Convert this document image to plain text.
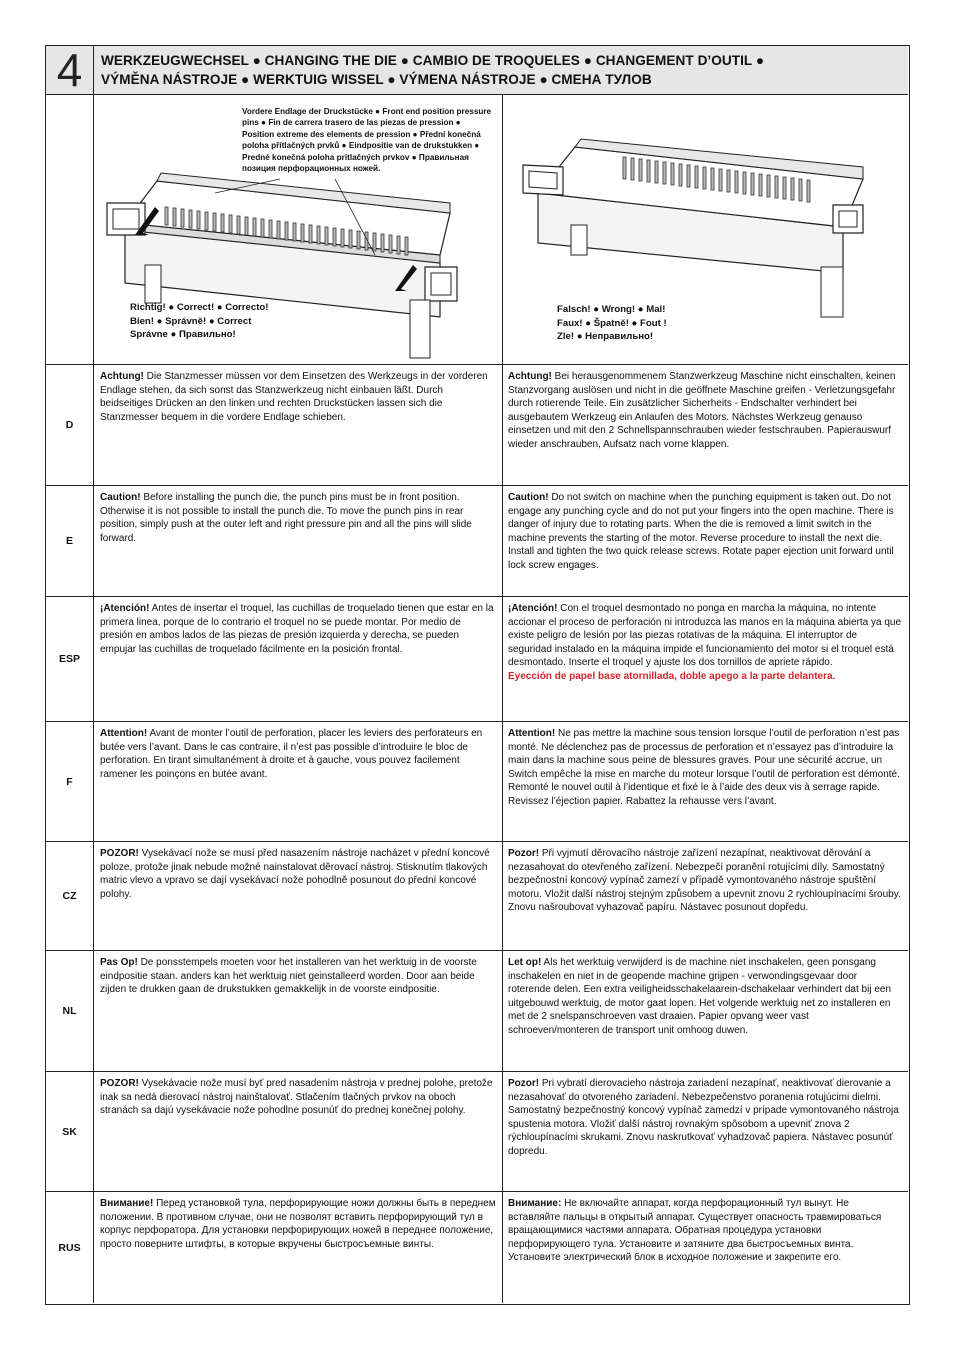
4	WERKZEUGWECHSEL ● CHANGING THE DIE ● CAMBIO DE TROQUELES ● CHANGEMENT D’OUTIL ●
VÝMĚNA NÁSTROJE ● WERKTUIG WISSEL ● VÝMENA NÁSTROJE ● СМЕНА ТУЛОВ
Vordere Endlage der Druckstücke ● Front end position pressure pins ● Fin de carrera trasero de las piezas de pression ● Position extreme des elements de pression ● Přední konečná poloha přítlačných prvků ● Eindpositie van de drukstukken ● Predné konečná poloha pritlačných prvkov ● Правильная позиция перфорационных ножей.
Richtig! ● Correct! ● Correcto!
Bien! ● Správně! ● Correct
Správne ● Правильно!
Falsch! ● Wrong! ● Mal!
Faux! ● Špatně! ● Fout !
Zle! ● Неправильно!
D

Achtung! Die Stanzmesser müssen vor dem Einsetzen des Werkzeugs in der vorderen Endlage stehen, da sich sonst das Stanzwerkzeug nicht einbauen läßt. Durch beidseitiges Drücken an den linken und rechten Druckstücken lassen sich die Stanzmesser bequem in die vordere Endlage schieben.

Achtung! Bei herausgenommenem Stanzwerkzeug Maschine nicht einschalten, keinen Stanzvorgang auslösen und nicht in die geöffnete Maschine greifen - Verletzungsgefahr durch rotierende Teile. Ein zusätzlicher Sicherheits - Endschalter verhindert bei ausgebautem Werkzeug ein Anlaufen des Motors. Nächstes Werkzeug genauso einsetzen und mit den 2 Schnellspannschrauben wieder festschrauben. Papierauswurf wieder anschrauben, Aufsatz nach vorne klappen.

E

Caution! Before installing the punch die, the punch pins must be in front position. Otherwise it is not possible to install the punch die. To move the punch pins in rear position, simply push at the outer left and right pressure pin and all the pins will slide forward.

Caution! Do not switch on machine when the punching equipment is taken out. Do not engage any punching cycle and do not put your fingers into the open machine. There is danger of injury due to rotating parts. When the die is removed a limit switch in the machine prevents the starting of the motor. Reverse procedure to install the next die. Install and tighten the two quick release screws. Rotate paper ejection unit forward until lock screw engages.

ESP

¡Atención! Antes de insertar el troquel, las cuchillas de troquelado tienen que estar en la primera linea, porque de lo contrario el troquel no se puede montar. Por medio de presión en ambos lados de las piezas de presión izquierda y derecha, se pueden empujar las cuchillas de troquelado fácilmente en la posición frontal.

¡Atención! Con el troquel desmontado no ponga en marcha la máquina, no intente accionar el proceso de perforación ni introduzca las manos en la máquina abierta ya que existe peligro de lesión por las piezas rotativas de la máquina. El interruptor de seguridad instalado en la máquina impide el funcionamiento del motor si el troquel está desmontado. Inserte el troquel y ajuste los dos tornillos de apriete rápido.

Eyección de papel base atornillada, doble apego a la parte delantera.

F

Attention! Avant de monter l’outil de perforation, placer les leviers des perforateurs en butée vers l’avant. Dans le cas contraire, il n’est pas possible d’introduire le bloc de perforation. En tirant simultanément à droite et à gauche, vous pouvez facilement ramener les poinçons en butée avant.

Attention! Ne pas mettre la machine sous tension lorsque l’outil de perforation n’est pas monté. Ne déclenchez pas de processus de perforation et n’essayez pas d’introduire la main dans la machine sous peine de blessures graves. Pour une sécurité accrue, un Switch empêche la mise en marche du moteur lorsque l’outil de perforation est démonté. Remonté le nouvel outil à l’identique et fixé le à l’aide des deux vis à serrage rapide. Revissez l’éjection papier. Rabattez la rehausse vers l’avant.

CZ

POZOR! Vysekávací nože se musí před nasazením nástroje nacházet v přední koncové poloze, protože jinak nebude možné nainstalovat děrovací nástroj. Stisknutím tlakových matric vlevo a vpravo se dají vysekávací nože pohodlně posunout do přední koncové polohy.

Pozor! Při vyjmutí děrovacího nástroje zařízení nezapínat, neaktivovat děrování a nezasahovat do otevřeného zařízení. Nebezpečí poranění rotujícími díly. Samostatný bezpečnostní koncový vypínač zamezí v případě vymontovaného nástroje spuštění motoru. Vložit další nástroj stejným způsobem a upevnit znovu 2 rychloupínacími šrouby. Znovu našroubovat vyhazovač papíru. Nástavec posunout dopředu.

NL

Pas Op! De ponsstempels moeten voor het installeren van het werktuig in de voorste eindpositie staan. anders kan het werktuig niet geinstalleerd worden. Door aan beide zijden te drukken gaan de drukstukken gemakkelijk in de voorste eindpositie.

Let op! Als het werktuig verwijderd is de machine niet inschakelen, geen ponsgang inschakelen en niet in de geopende machine grijpen - verwondingsgevaar door roterende delen. Een extra veiligheidsschakelaarein-dschakelaar verhindert dat bij een uitgebouwd werktuig, de motor gaat lopen. Het volgende werktuig net zo installeren en met de 2 snelspanschroeven vast draaien. Papier opvang weer vast schroeven/monteren de transport unit omhoog duwen.

SK

POZOR! Vysekávacie nože musí byť pred nasadením nástroja v prednej polohe, pretože inak sa nedá dierovací nástroj nainštalovať. Stlačením tlačných prvkov na oboch stranách sa dajú vysekávacie nože pohodlne posunúť do prednej konečnej polohy.

Pozor! Pri vybratí dierovacieho nástroja zariadení nezapínať, neaktivovať dierovanie a nezasahovať do otvoreného zariadení. Nebezpečenstvo poranenia rotujúcimi dielmi. Samostatný bezpečnostný koncový vypínač zamedzí v prípade vymontovaného nástroja spustenia motora. Vložiť další nástroj rovnakým spôsobom a upevniť znova 2 rýchloupínacími skrukami. Znovu naskrutkovať vyhadzovač papiera. Nástavec posunúť dopredu.

RUS

Внимание! Перед установкой тула, перфорирующие ножи должны быть в переднем положении. В противном случае, они не позволят вставить перфорирующий тул в корпус перфоратора. Для установки перфорирующих ножей в переднее положение, просто поверните штифты, в которые вкручены быстросъемные винты.

Внимание: Не включайте аппарат, когда перфорационный тул вынут. Не вставляйте пальцы в открытый аппарат. Существует опасность травмироваться вращающимися частями аппарата. Обратная процедура установки перфорирующего тула. Установите и затяните два быстросъемных винта. Установите электрический блок в исходное положение и закрепите его.
